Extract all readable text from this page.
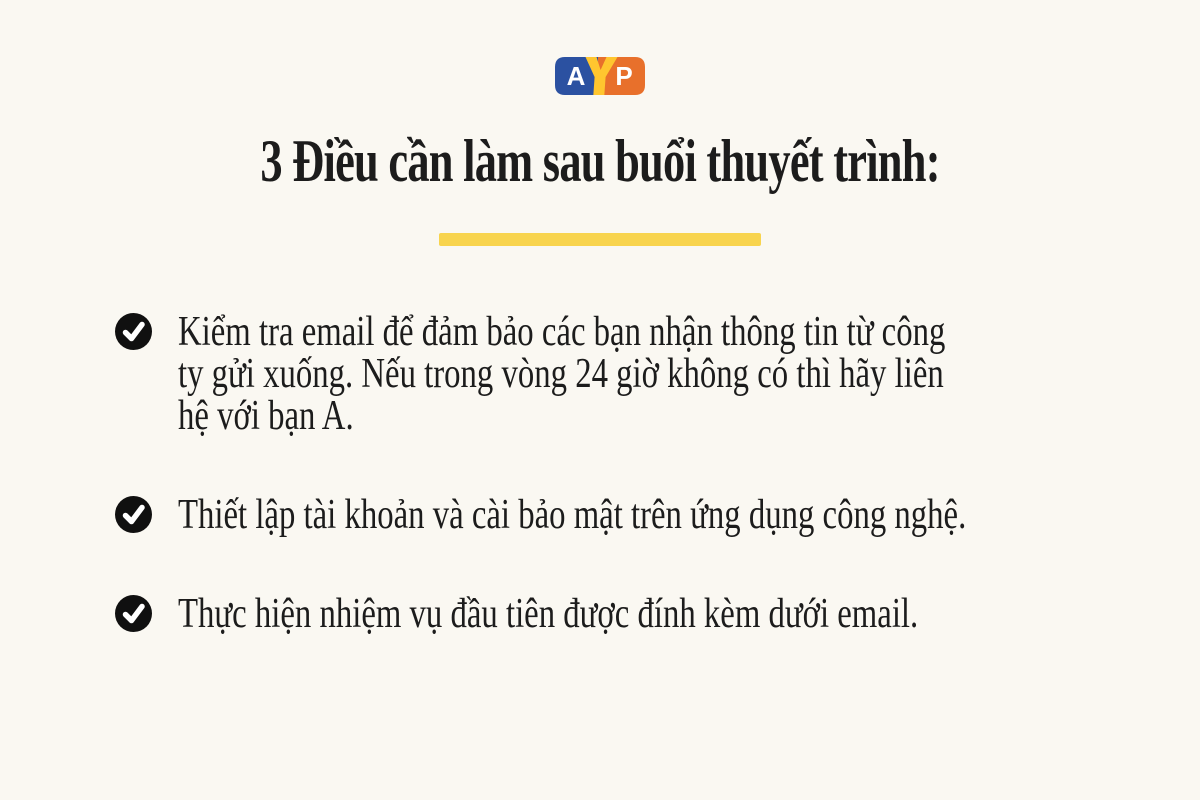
A P
3 Điều cần làm sau buổi thuyết trình:
Kiểm tra email để đảm bảo các bạn nhận thông tin từ công
ty gửi xuống. Nếu trong vòng 24 giờ không có thì hãy liên
hệ với bạn A.
Thiết lập tài khoản và cài bảo mật trên ứng dụng công nghệ.
Thực hiện nhiệm vụ đầu tiên được đính kèm dưới email.
